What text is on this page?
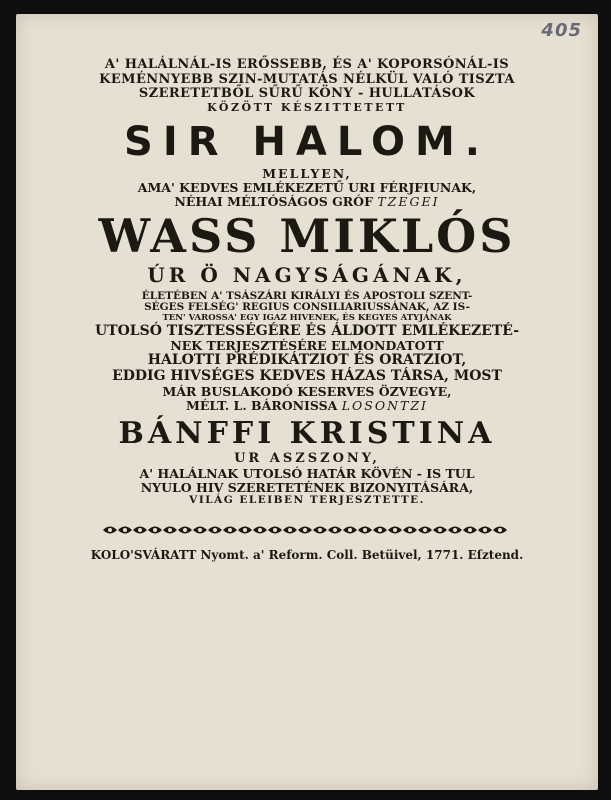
405
A' HALÁLNÁL-IS ERŐSSEBB, ÉS A' KOPORSÓNÁL-IS
KEMÉNNYEBB SZIN-MUTATÁS NÉLKÜL VALÓ TISZTA
SZERETETBŐL SŰRŰ KÖNY - HULLATÁSOK
KÖZÖTT KÉSZITTETETT
SIR HALOM.
MELLYEN,
AMA' KEDVES EMLÉKEZETŰ URI FÉRJFIUNAK,
NÉHAI MÉLTÓSÁGOS GRÓF TZEGEI
WASS MIKLÓS
ÚR Ö NAGYSÁGÁNAK,
ÉLETÉBEN A' TSÁSZÁRI KIRÁLYI ÉS APOSTOLI SZENT-
SÉGES FELSÉG' REGIUS CONSILIARIUSSÁNAK, AZ IS-
TEN' VAROSSA' EGY IGAZ HIVENEK, ÉS KEGYES ATYJÁNAK
UTOLSÓ TISZTESSÉGÉRE ÉS ÁLDOTT EMLÉKEZETÉ-
NEK TERJESZTÉSÉRE ELMONDATOTT
HALOTTI PRÉDIKÁTZIOT ÉS ORATZIOT,
EDDIG HIVSÉGES KEDVES HÁZAS TÁRSA, MOST
MÁR BUSLAKODÓ KESERVES ÖZVEGYE,
MÉLT. L. BÁRONISSA LOSONTZI
BÁNFFI KRISTINA
UR ASZSZONY,
A' HALÁLNAK UTOLSÓ HATÁR KÖVÉN - IS TUL
NYULO HIV SZERETETÉNEK BIZONYITÁSÁRA,
VILÁG ELEIBEN TERJESZTETTE.
KOLO'SVÁRATT Nyomt. a' Reform. Coll. Betüivel, 1771. Eſztend.
